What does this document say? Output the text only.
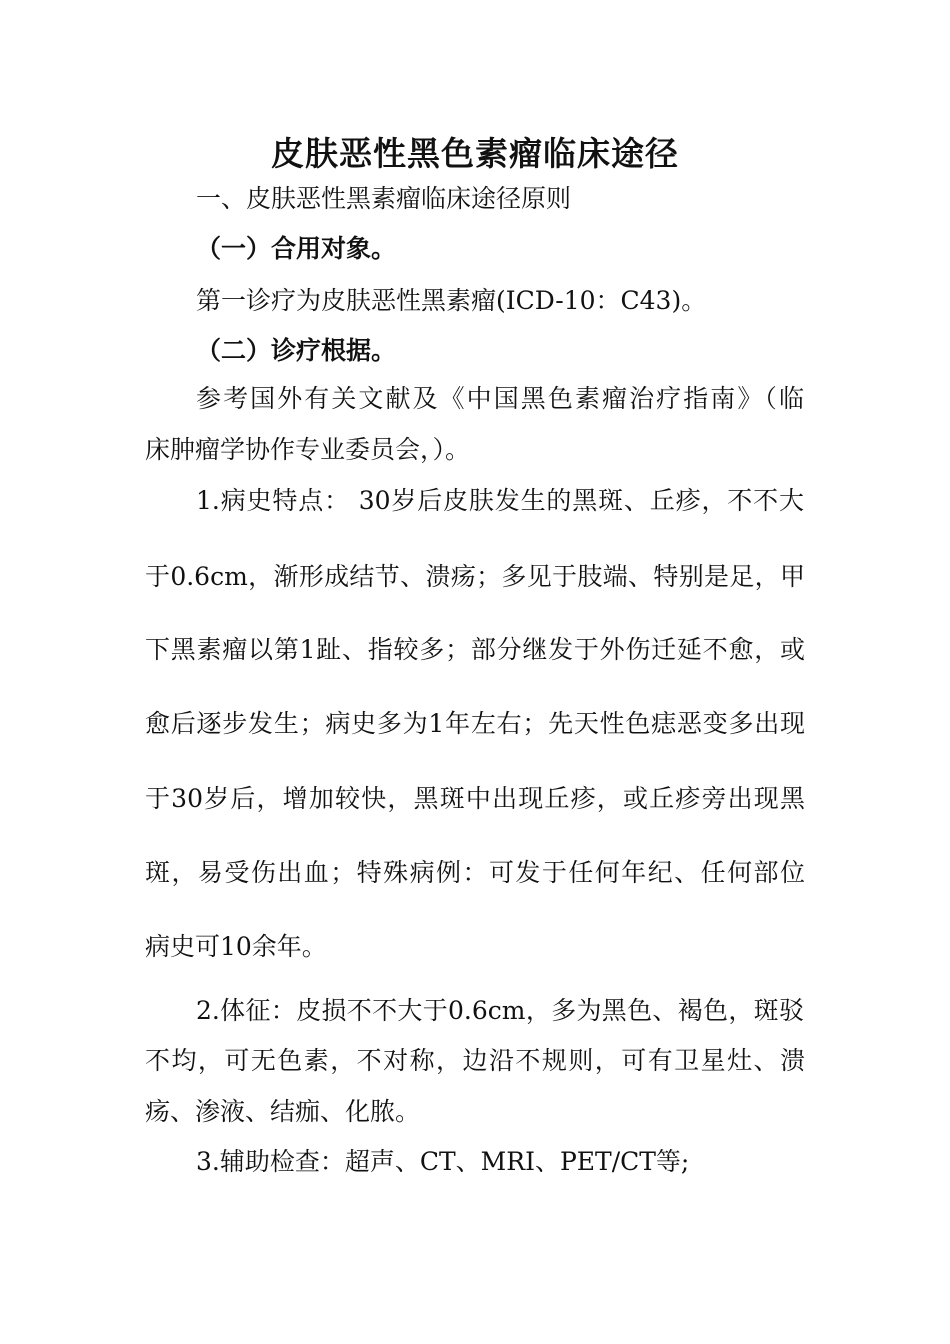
皮肤恶性黑色素瘤临床途径
一、皮肤恶性黑素瘤临床途径原则
（一）合用对象。
第一诊疗为皮肤恶性黑素瘤(ICD-10：C43)。
（二）诊疗根据。
参考国外有关文献及《中国黑色素瘤治疗指南》（临
床肿瘤学协作专业委员会，）。
1.病史特点： 30岁后皮肤发生的黑斑、丘疹，不不大
于0.6cm，渐形成结节、溃疡；多见于肢端、特别是足，甲
下黑素瘤以第1趾、指较多；部分继发于外伤迁延不愈，或
愈后逐步发生；病史多为1年左右；先天性色痣恶变多出现
于30岁后，增加较快，黑斑中出现丘疹，或丘疹旁出现黑
斑，易受伤出血；特殊病例：可发于任何年纪、任何部位
病史可10余年。
2.体征：皮损不不大于0.6cm，多为黑色、褐色，斑驳
不均，可无色素，不对称，边沿不规则，可有卫星灶、溃
疡、渗液、结痂、化脓。
3.辅助检查：超声、CT、MRI、PET/CT等;
